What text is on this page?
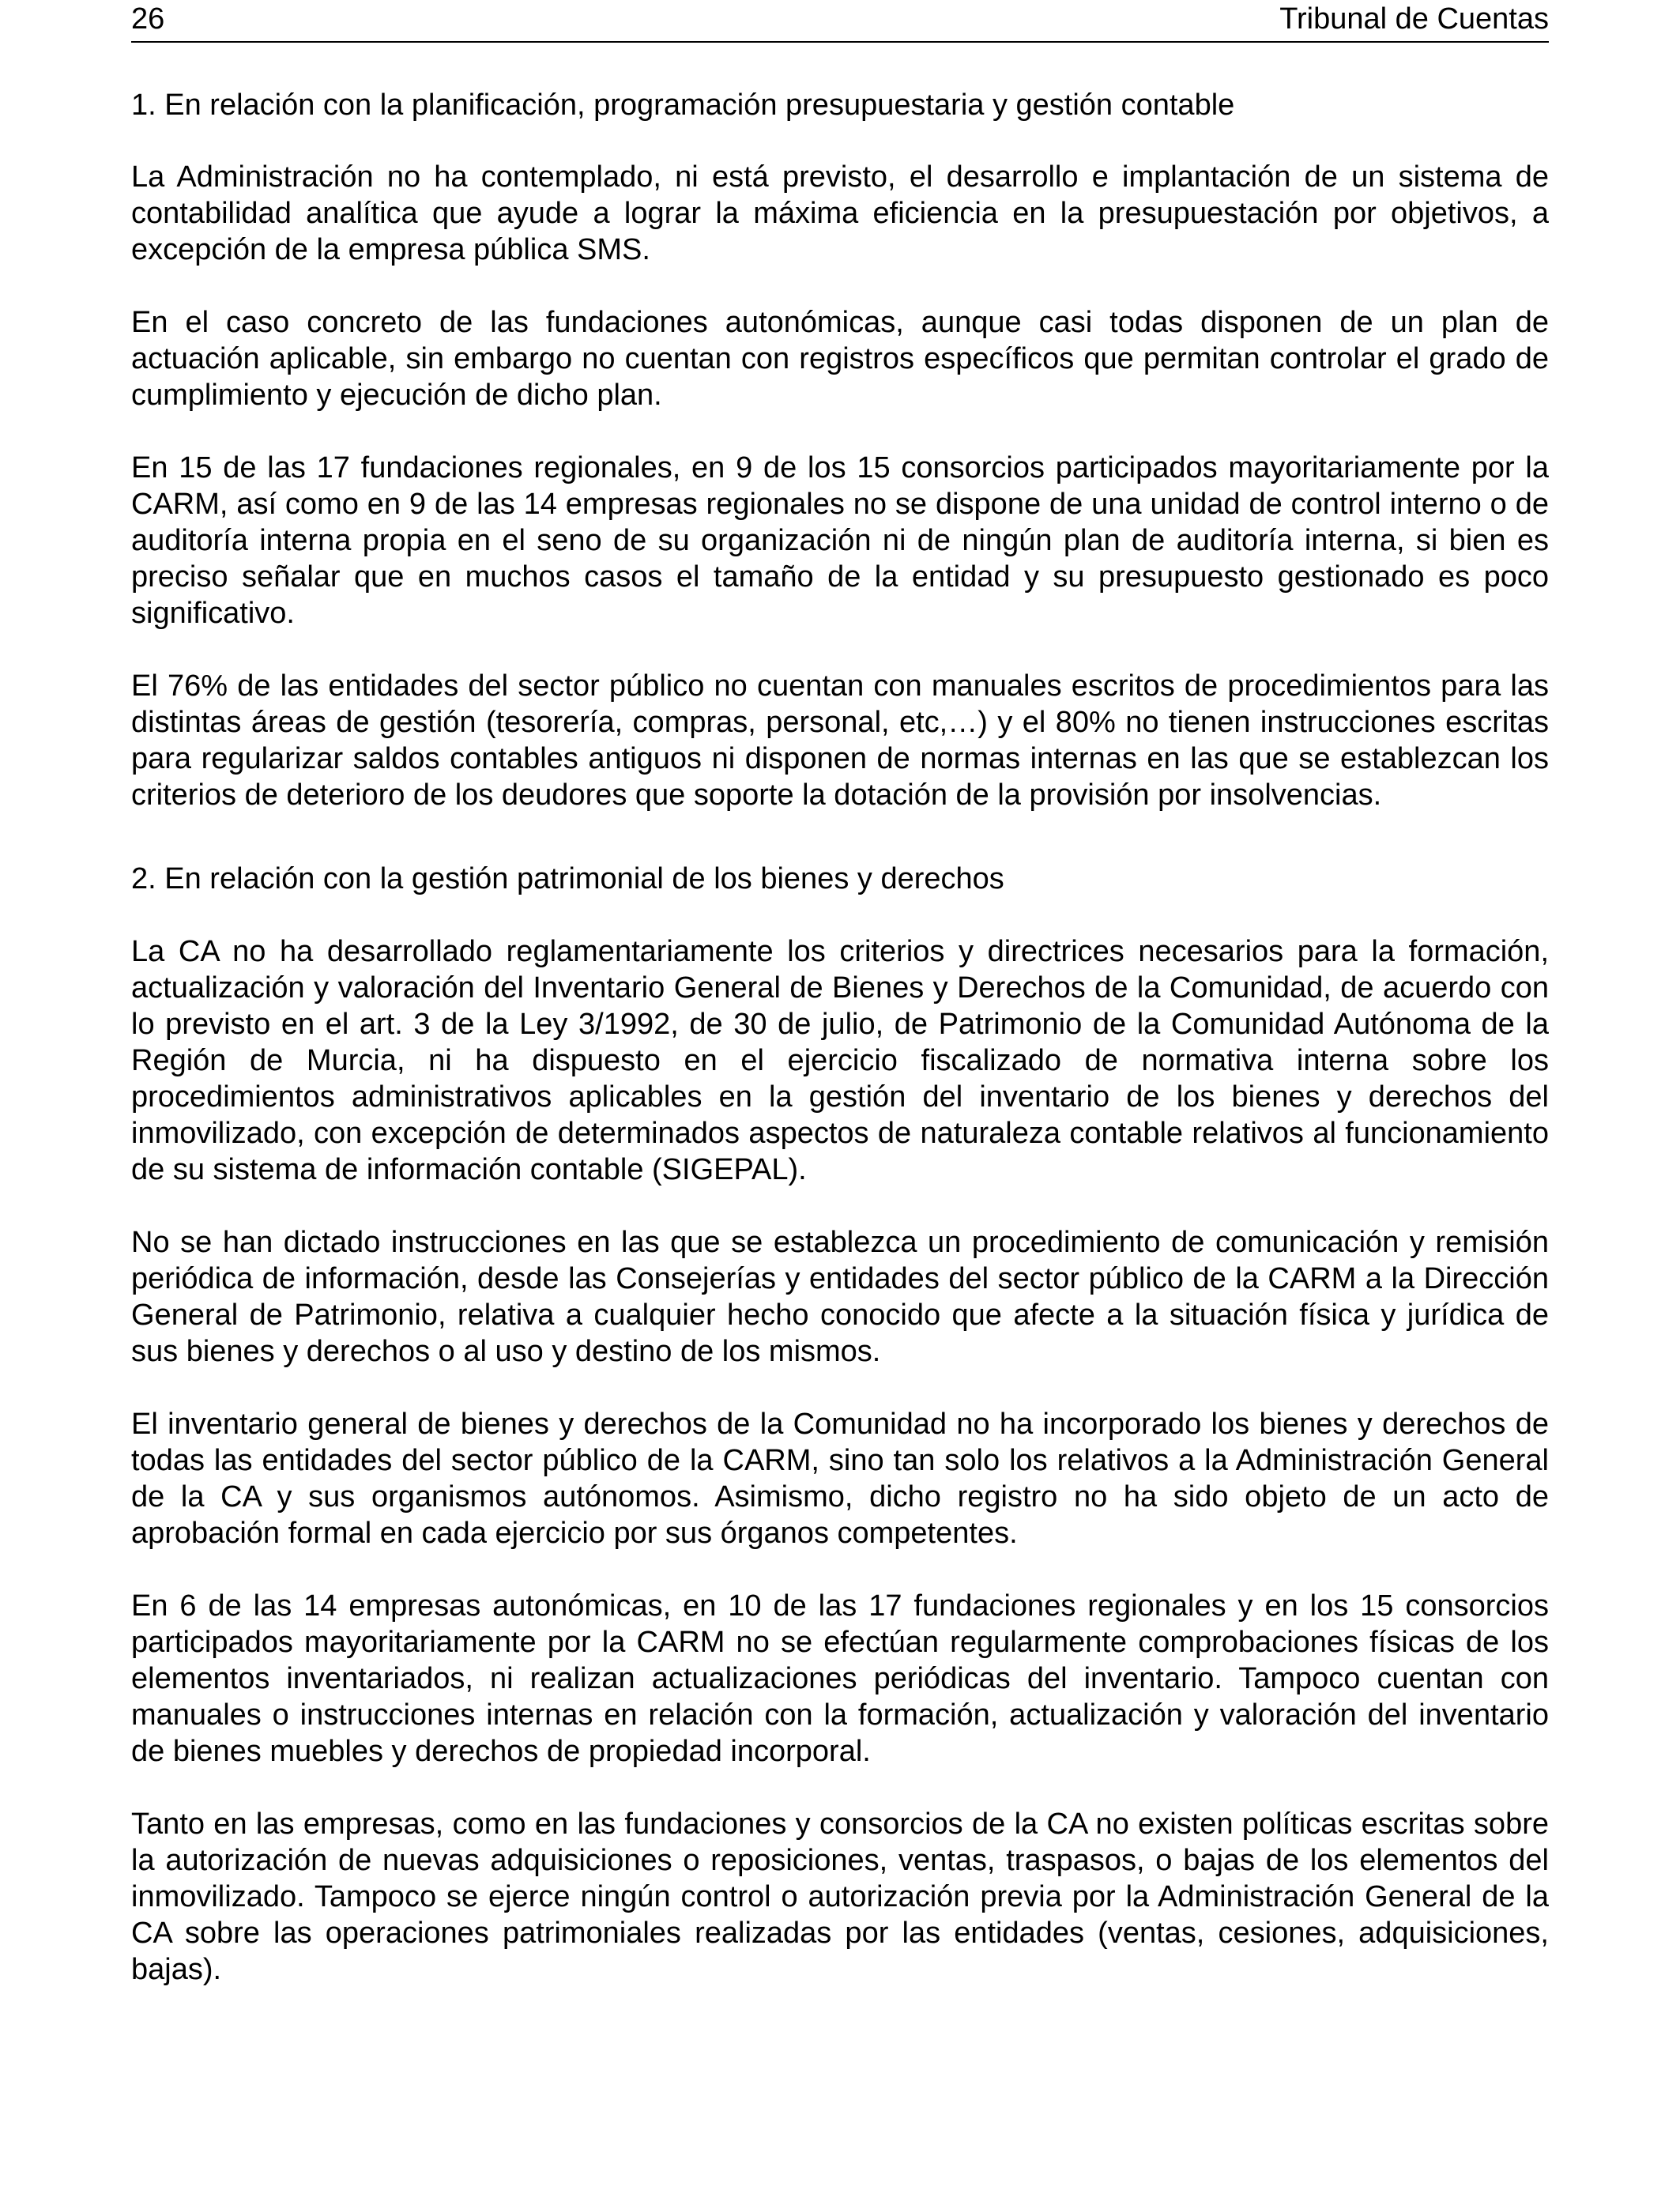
26	Tribunal de Cuentas

1. En relación con la planificación, programación presupuestaria y gestión contable

La Administración no ha contemplado, ni está previsto, el desarrollo e implantación de un sistema de contabilidad analítica que ayude a lograr la máxima eficiencia en la presupuestación por objetivos, a excepción de la empresa pública SMS.

En el caso concreto de las fundaciones autonómicas, aunque casi todas disponen de un plan de actuación aplicable, sin embargo no cuentan con registros específicos que permitan controlar el grado de cumplimiento y ejecución de dicho plan.

En 15 de las 17 fundaciones regionales, en 9 de los 15 consorcios participados mayoritariamente por la CARM, así como en 9 de las 14 empresas regionales no se dispone de una unidad de control interno o de auditoría interna propia en el seno de su organización ni de ningún plan de auditoría interna, si bien es preciso señalar que en muchos casos el tamaño de la entidad y su presupuesto gestionado es poco significativo.

El 76% de las entidades del sector público no cuentan con manuales escritos de procedimientos para las distintas áreas de gestión (tesorería, compras, personal, etc,…) y el 80% no tienen instrucciones escritas para regularizar saldos contables antiguos ni disponen de normas internas en las que se establezcan los criterios de deterioro de los deudores que soporte la dotación de la provisión por insolvencias.

2. En relación con la gestión patrimonial de los bienes y derechos

La CA no ha desarrollado reglamentariamente los criterios y directrices necesarios para la formación, actualización y valoración del Inventario General de Bienes y Derechos de la Comunidad, de acuerdo con lo previsto en el art. 3 de la Ley 3/1992, de 30 de julio, de Patrimonio de la Comunidad Autónoma de la Región de Murcia, ni ha dispuesto en el ejercicio fiscalizado de normativa interna sobre los procedimientos administrativos aplicables en la gestión del inventario de los bienes y derechos del inmovilizado, con excepción de determinados aspectos de naturaleza contable relativos al funcionamiento de su sistema de información contable (SIGEPAL).

No se han dictado instrucciones en las que se establezca un procedimiento de comunicación y remisión periódica de información, desde las Consejerías y entidades del sector público de la CARM a la Dirección General de Patrimonio, relativa a cualquier hecho conocido que afecte a la situación física y jurídica de sus bienes y derechos o al uso y destino de los mismos.

El inventario general de bienes y derechos de la Comunidad no ha incorporado los bienes y derechos de todas las entidades del sector público de la CARM, sino tan solo los relativos a la Administración General de la CA y sus organismos autónomos. Asimismo, dicho registro no ha sido objeto de un acto de aprobación formal en cada ejercicio por sus órganos competentes.

En 6 de las 14 empresas autonómicas, en 10 de las 17 fundaciones regionales y en los 15 consorcios participados mayoritariamente por la CARM no se efectúan regularmente comprobaciones físicas de los elementos inventariados, ni realizan actualizaciones periódicas del inventario. Tampoco cuentan con manuales o instrucciones internas en relación con la formación, actualización y valoración del inventario de bienes muebles y derechos de propiedad incorporal.

Tanto en las empresas, como en las fundaciones y consorcios de la CA no existen políticas escritas sobre la autorización de nuevas adquisiciones o reposiciones, ventas, traspasos, o bajas de los elementos del inmovilizado. Tampoco se ejerce ningún control o autorización previa por la Administración General de la CA sobre las operaciones patrimoniales realizadas por las entidades (ventas, cesiones, adquisiciones, bajas).
